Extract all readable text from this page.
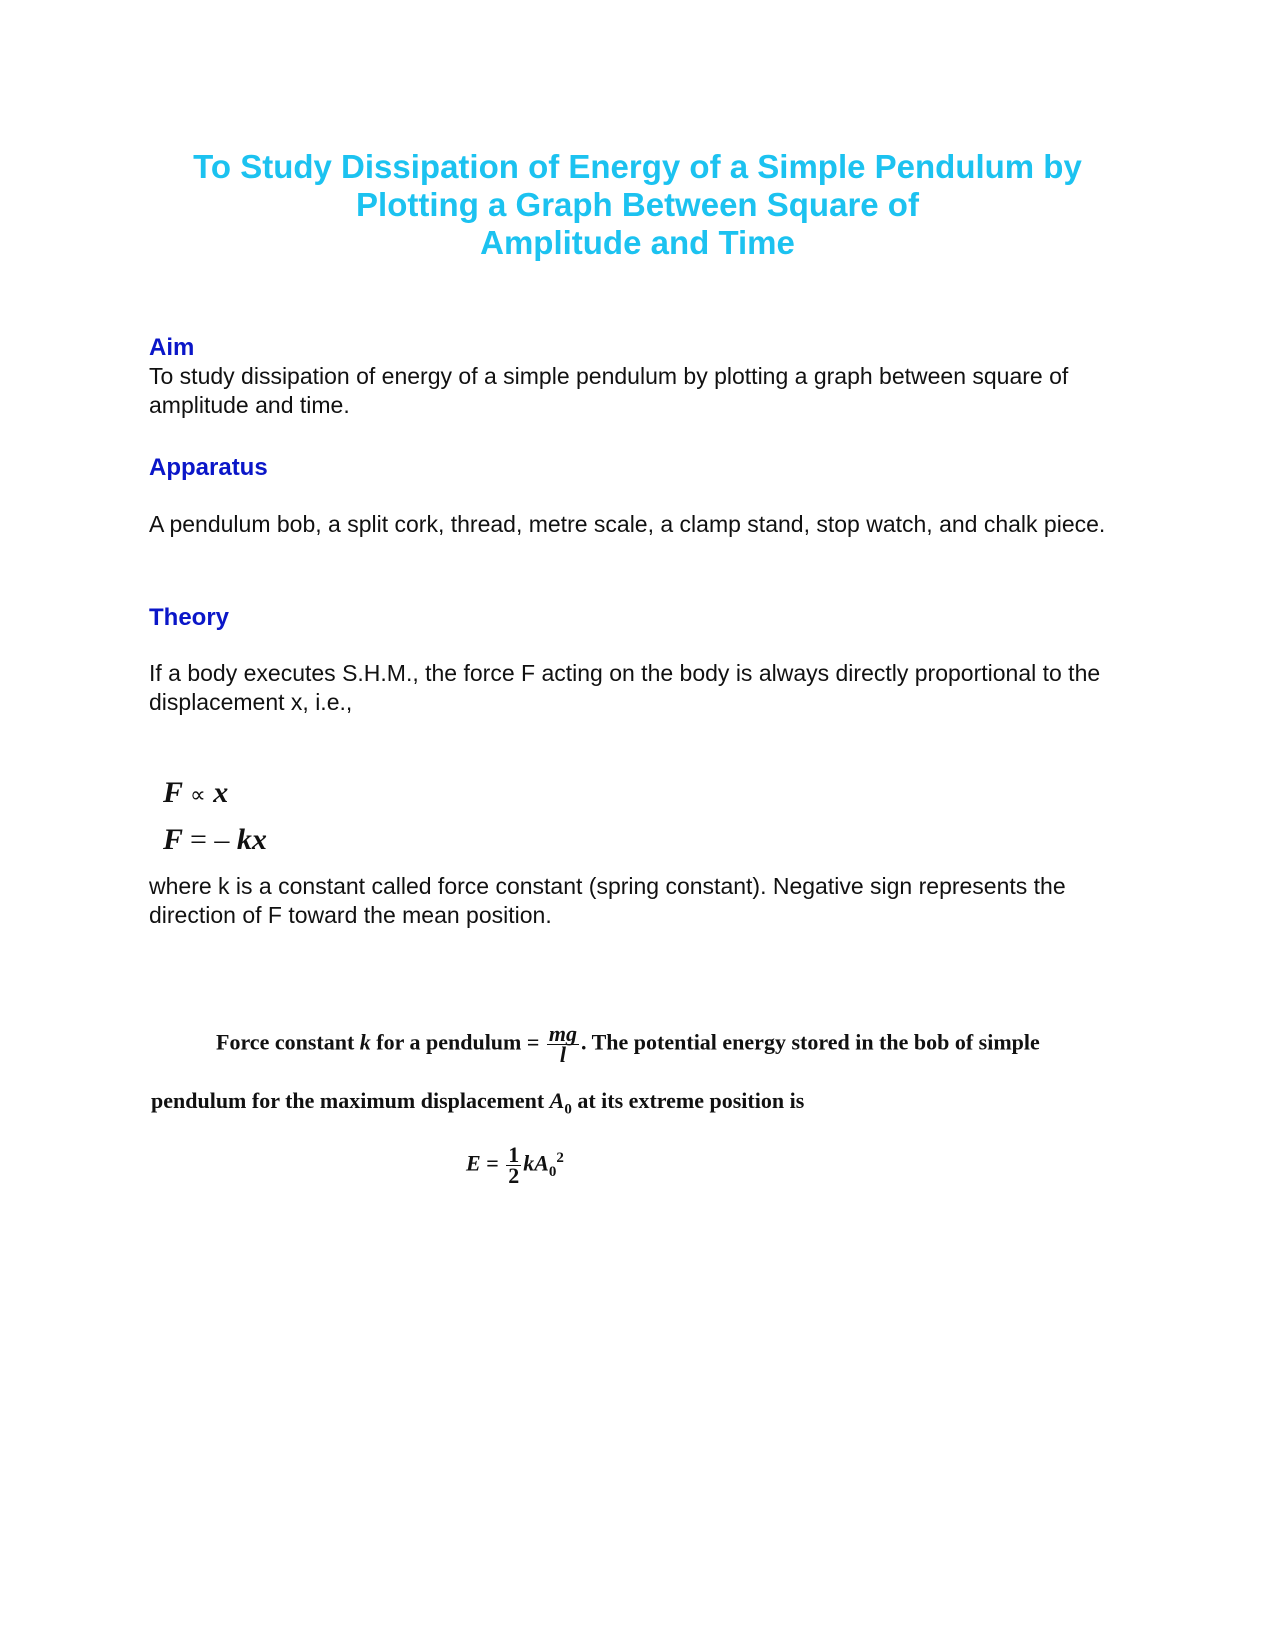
To Study Dissipation of Energy of a Simple Pendulum by
Plotting a Graph Between Square of
Amplitude and Time
Aim
To study dissipation of energy of a simple pendulum by plotting a graph between square of amplitude and time.
Apparatus
A pendulum bob, a split cork, thread, metre scale, a clamp stand, stop watch, and chalk piece.
Theory
If a body executes S.H.M., the force F acting on the body is always directly proportional to the displacement x, i.e.,
F ∝ x
F = – kx
where k is a constant called force constant (spring constant). Negative sign represents the direction of F toward the mean position.
Force constant k for a pendulum = $\frac{mg}{l}$ . The potential energy stored in the bob of simple
pendulum for the maximum displacement $A_0$ at its extreme position is
$E = \frac{1}{2} kA_0^2$
